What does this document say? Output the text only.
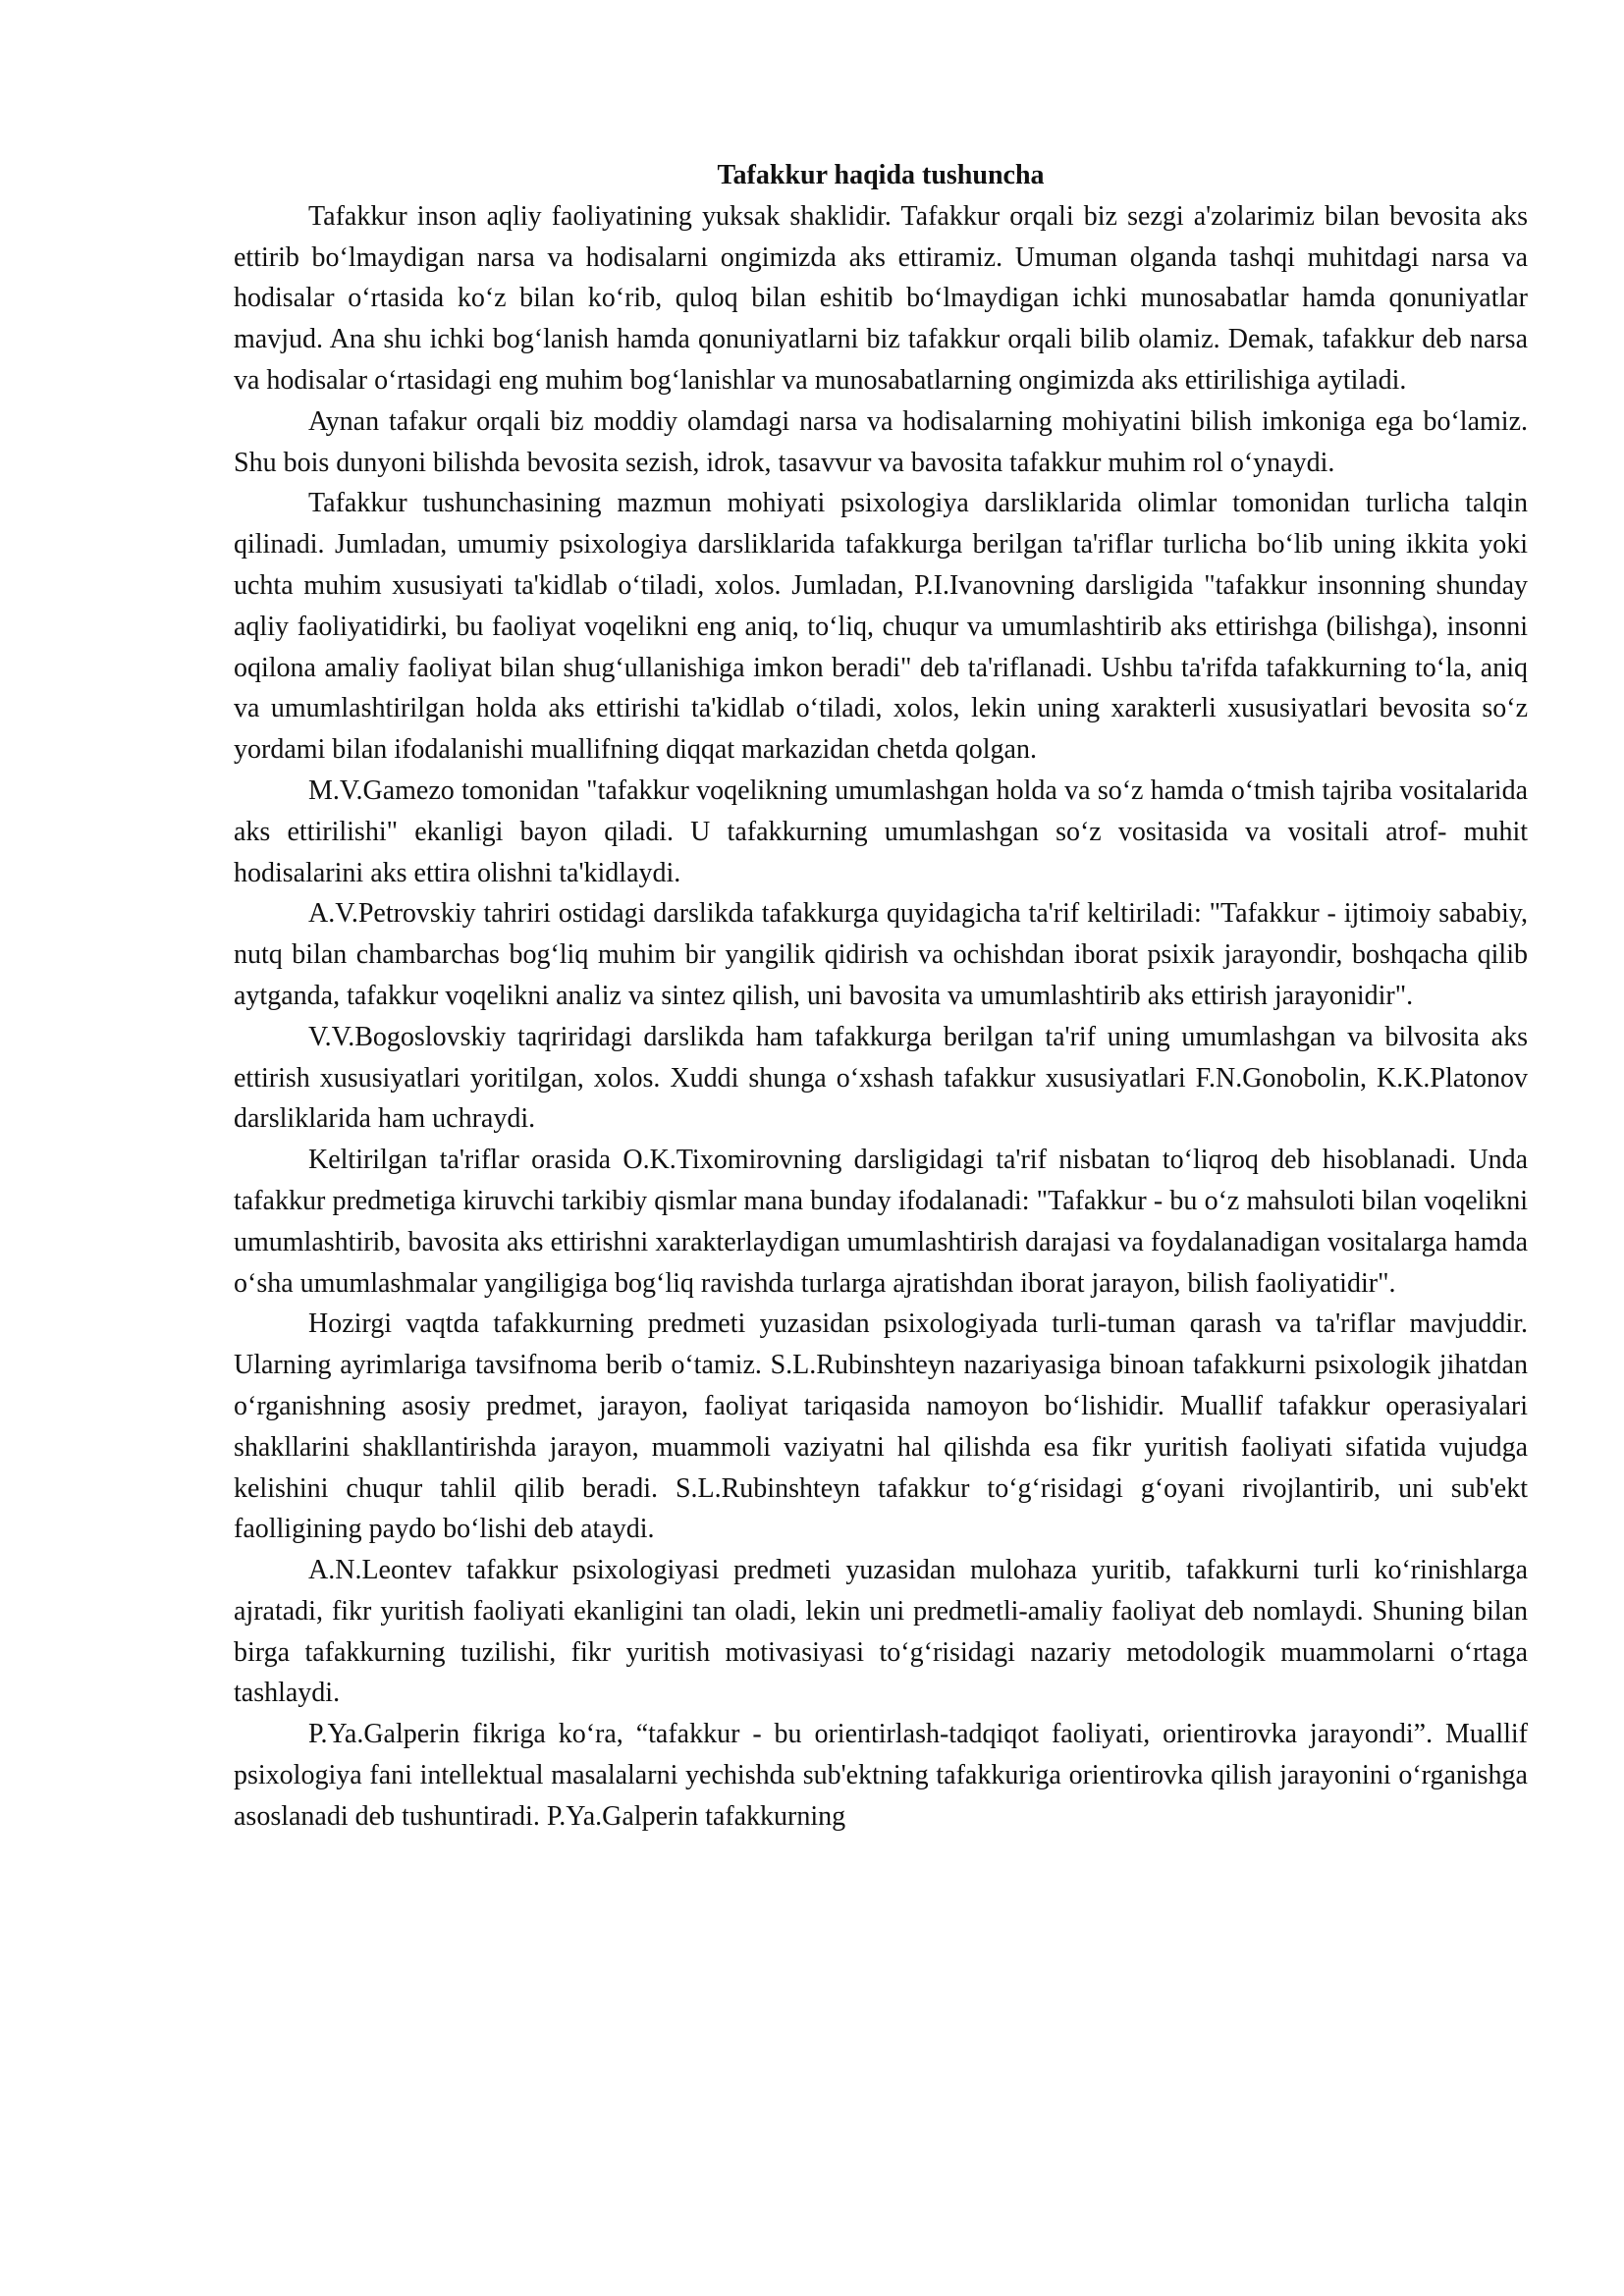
Tafakkur haqida tushuncha

Tafakkur inson aqliy faoliyatining yuksak shaklidir. Tafakkur orqali biz sezgi a'zolarimiz bilan bevosita aks ettirib bo‘lmaydigan narsa va hodisalarni ongimizda aks ettiramiz. Umuman olganda tashqi muhitdagi narsa va hodisalar o‘rtasida ko‘z bilan ko‘rib, quloq bilan eshitib bo‘lmaydigan ichki munosabatlar hamda qonuniyatlar mavjud. Ana shu ichki bog‘lanish hamda qonuniyatlarni biz tafakkur orqali bilib olamiz. Demak, tafakkur deb narsa va hodisalar o‘rtasidagi eng muhim bog‘lanishlar va munosabatlarning ongimizda aks ettirilishiga aytiladi.

Aynan tafakur orqali biz moddiy olamdagi narsa va hodisalarning mohiyatini bilish imkoniga ega bo‘lamiz. Shu bois dunyoni bilishda bevosita sezish, idrok, tasavvur va bavosita tafakkur muhim rol o‘ynaydi.

Tafakkur tushunchasining mazmun mohiyati psixologiya darsliklarida olimlar tomonidan turlicha talqin qilinadi. Jumladan, umumiy psixologiya darsliklarida tafakkurga berilgan ta'riflar turlicha bo‘lib uning ikkita yoki uchta muhim xususiyati ta'kidlab o‘tiladi, xolos. Jumladan, P.I.Ivanovning darsligida "tafakkur insonning shunday aqliy faoliyatidirki, bu faoliyat voqelikni eng aniq, to‘liq, chuqur va umumlashtirib aks ettirishga (bilishga), insonni oqilona amaliy faoliyat bilan shug‘ullanishiga imkon beradi" deb ta'riflanadi. Ushbu ta'rifda tafakkurning to‘la, aniq va umumlashtirilgan holda aks ettirishi ta'kidlab o‘tiladi, xolos, lekin uning xarakterli xususiyatlari bevosita so‘z yordami bilan ifodalanishi muallifning diqqat markazidan chetda qolgan.

M.V.Gamezo tomonidan "tafakkur voqelikning umumlashgan holda va so‘z hamda o‘tmish tajriba vositalarida aks ettirilishi" ekanligi bayon qiladi. U tafakkurning umumlashgan so‘z vositasida va vositali atrof- muhit hodisalarini aks ettira olishni ta'kidlaydi.

A.V.Petrovskiy tahriri ostidagi darslikda tafakkurga quyidagicha ta'rif keltiriladi: "Tafakkur - ijtimoiy sababiy, nutq bilan chambarchas bog‘liq muhim bir yangilik qidirish va ochishdan iborat psixik jarayondir, boshqacha qilib aytganda, tafakkur voqelikni analiz va sintez qilish, uni bavosita va umumlashtirib aks ettirish jarayonidir".

V.V.Bogoslovskiy taqriridagi darslikda ham tafakkurga berilgan ta'rif uning umumlashgan va bilvosita aks ettirish xususiyatlari yoritilgan, xolos. Xuddi shunga o‘xshash tafakkur xususiyatlari F.N.Gonobolin, K.K.Platonov darsliklarida ham uchraydi.

Keltirilgan ta'riflar orasida O.K.Tixomirovning darsligidagi ta'rif nisbatan to‘liqroq deb hisoblanadi. Unda tafakkur predmetiga kiruvchi tarkibiy qismlar mana bunday ifodalanadi: "Tafakkur - bu o‘z mahsuloti bilan voqelikni umumlashtirib, bavosita aks ettirishni xarakterlaydigan umumlashtirish darajasi va foydalanadigan vositalarga hamda o‘sha umumlashmalar yangiligiga bog‘liq ravishda turlarga ajratishdan iborat jarayon, bilish faoliyatidir".

Hozirgi vaqtda tafakkurning predmeti yuzasidan psixologiyada turli-tuman qarash va ta'riflar mavjuddir. Ularning ayrimlariga tavsifnoma berib o‘tamiz. S.L.Rubinshteyn nazariyasiga binoan tafakkurni psixologik jihatdan o‘rganishning asosiy predmet, jarayon, faoliyat tariqasida namoyon bo‘lishidir. Muallif tafakkur operasiyalari shakllarini shakllantirishda jarayon, muammoli vaziyatni hal qilishda esa fikr yuritish faoliyati sifatida vujudga kelishini chuqur tahlil qilib beradi. S.L.Rubinshteyn tafakkur to‘g‘risidagi g‘oyani rivojlantirib, uni sub'ekt faolligining paydo bo‘lishi deb ataydi.

A.N.Leontev tafakkur psixologiyasi predmeti yuzasidan mulohaza yuritib, tafakkurni turli ko‘rinishlarga ajratadi, fikr yuritish faoliyati ekanligini tan oladi, lekin uni predmetli-amaliy faoliyat deb nomlaydi. Shuning bilan birga tafakkurning tuzilishi, fikr yuritish motivasiyasi to‘g‘risidagi nazariy metodologik muammolarni o‘rtaga tashlaydi.

P.Ya.Galperin fikriga ko‘ra, “tafakkur - bu orientirlash-tadqiqot faoliyati, orientirovka jarayondi”. Muallif psixologiya fani intellektual masalalarni yechishda sub'ektning tafakkuriga orientirovka qilish jarayonini o‘rganishga asoslanadi deb tushuntiradi. P.Ya.Galperin tafakkurning
